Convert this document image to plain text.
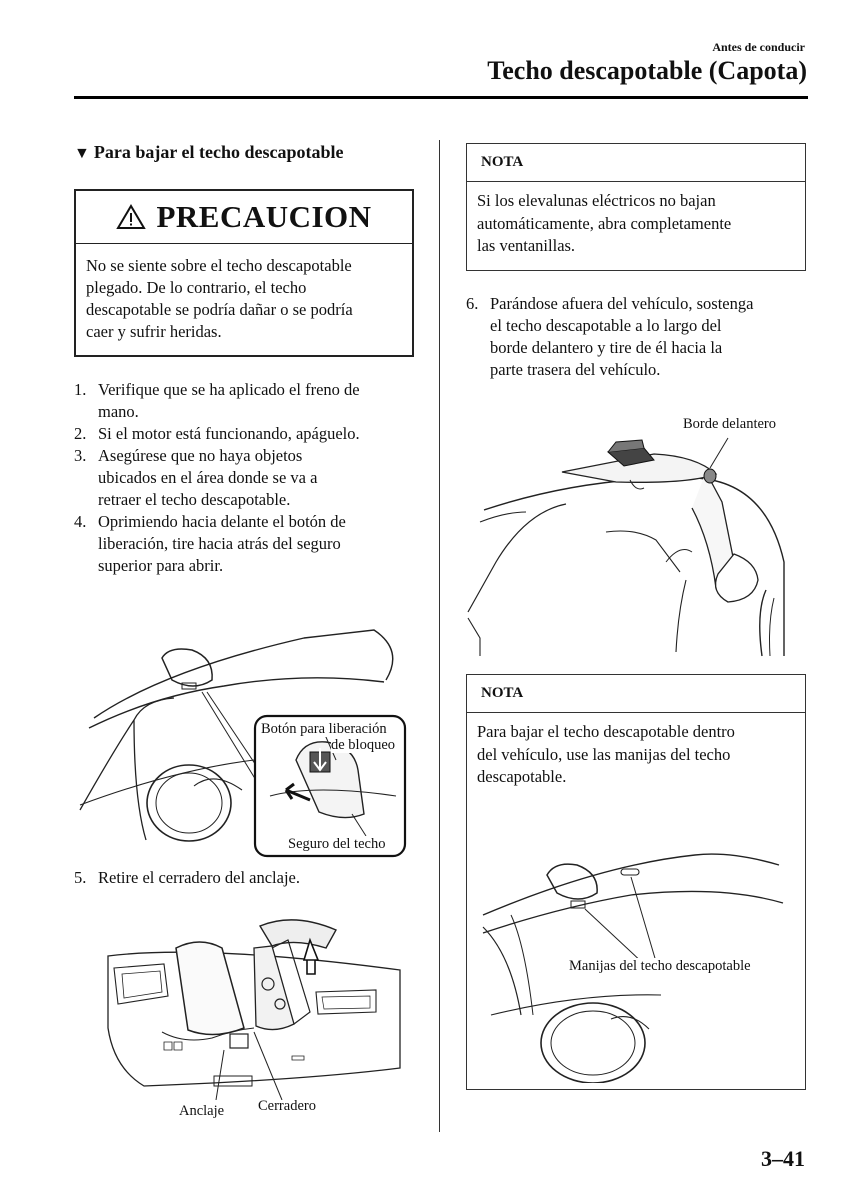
Antes de conducir
Techo descapotable (Capota)
▼ Para bajar el techo descapotable
PRECAUCION
No se siente sobre el techo descapotable
plegado. De lo contrario, el techo
descapotable se podría dañar o se podría
caer y sufrir heridas.
1. Verifique que se ha aplicado el freno de
mano.
2. Si el motor está funcionando, apáguelo.
3. Asegúrese que no haya objetos
ubicados en el área donde se va a
retraer el techo descapotable.
4. Oprimiendo hacia delante el botón de
liberación, tire hacia atrás del seguro
superior para abrir.
Botón para liberación
de bloqueo
Seguro del techo
5. Retire el cerradero del anclaje.
Anclaje Cerradero
NOTA
Si los elevalunas eléctricos no bajan
automáticamente, abra completamente
las ventanillas.
6. Parándose afuera del vehículo, sostenga
el techo descapotable a lo largo del
borde delantero y tire de él hacia la
parte trasera del vehículo.
Borde delantero
NOTA
Para bajar el techo descapotable dentro
del vehículo, use las manijas del techo
descapotable.
Manijas del techo descapotable
3–41
